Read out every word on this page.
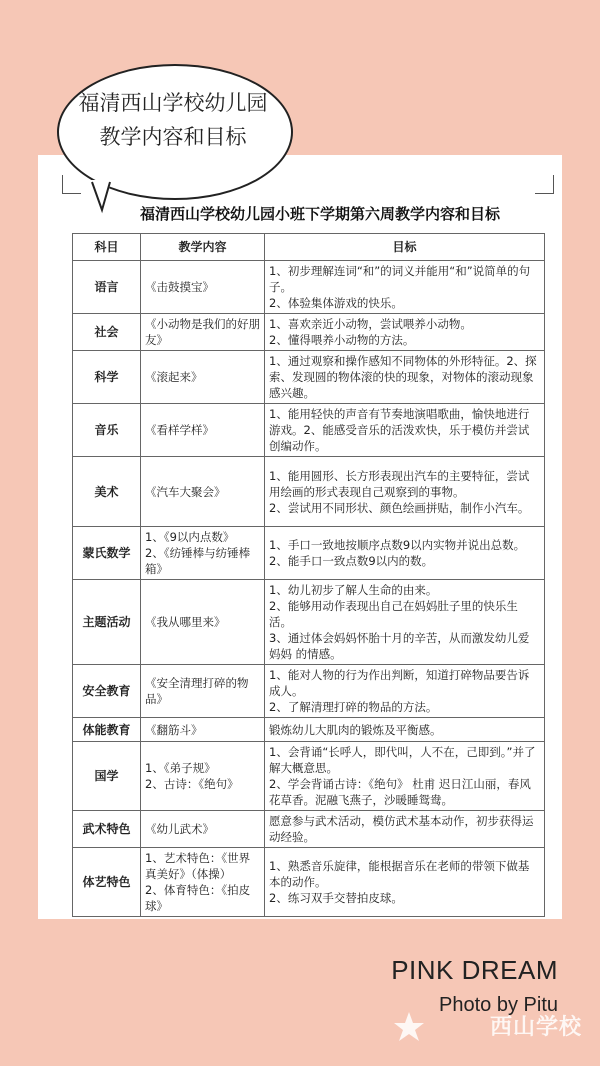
福清西山学校幼儿园
教学内容和目标
福清西山学校幼儿园小班下学期第六周教学内容和目标
科目	教学内容	目标
语言	《击鼓摸宝》	1、初步理解连词“和”的词义并能用“和”说简单的句子。
2、体验集体游戏的快乐。

社会	《小动物是我们的好朋友》	1、喜欢亲近小动物，尝试喂养小动物。
2、懂得喂养小动物的方法。

科学	《滚起来》	1、通过观察和操作感知不同物体的外形特征。2、探索、发现圆的物体滚的快的现象，对物体的滚动现象感兴趣。

音乐	《看样学样》	1、能用轻快的声音有节奏地演唱歌曲，愉快地进行游戏。2、能感受音乐的活泼欢快，乐于模仿并尝试创编动作。

美术	《汽车大聚会》	1、能用圆形、长方形表现出汽车的主要特征，尝试用绘画的形式表现自己观察到的事物。
2、尝试用不同形状、颜色绘画拼贴，制作小汽车。

蒙氏数学	1、《9以内点数》
2、《纺锤棒与纺锤棒箱》	1、手口一致地按顺序点数9以内实物并说出总数。
2、能手口一致点数9以内的数。

主题活动	《我从哪里来》	1、幼儿初步了解人生命的由来。
2、能够用动作表现出自己在妈妈肚子里的快乐生活。
3、通过体会妈妈怀胎十月的辛苦，从而激发幼儿爱妈妈 的情感。

安全教育	《安全清理打碎的物品》	1、能对人物的行为作出判断，知道打碎物品要告诉成人。
2、了解清理打碎的物品的方法。

体能教育	《翻筋斗》	锻炼幼儿大肌肉的锻炼及平衡感。

国学	1、《弟子规》
2、古诗：《绝句》	1、会背诵“长呼人，即代叫，人不在，己即到。”并了解大概意思。
2、学会背诵古诗：《绝句》 杜甫 迟日江山丽，春风花草香。泥融飞燕子，沙暖睡鸳鸯。

武术特色	《幼儿武术》	愿意参与武术活动，模仿武术基本动作，初步获得运动经验。

体艺特色	1、艺术特色：《世界真美好》（体操）
2、体育特色：《拍皮球》	1、熟悉音乐旋律，能根据音乐在老师的带领下做基本的动作。
2、练习双手交替拍皮球。
PINK DREAM
Photo by Pitu
西山学校
